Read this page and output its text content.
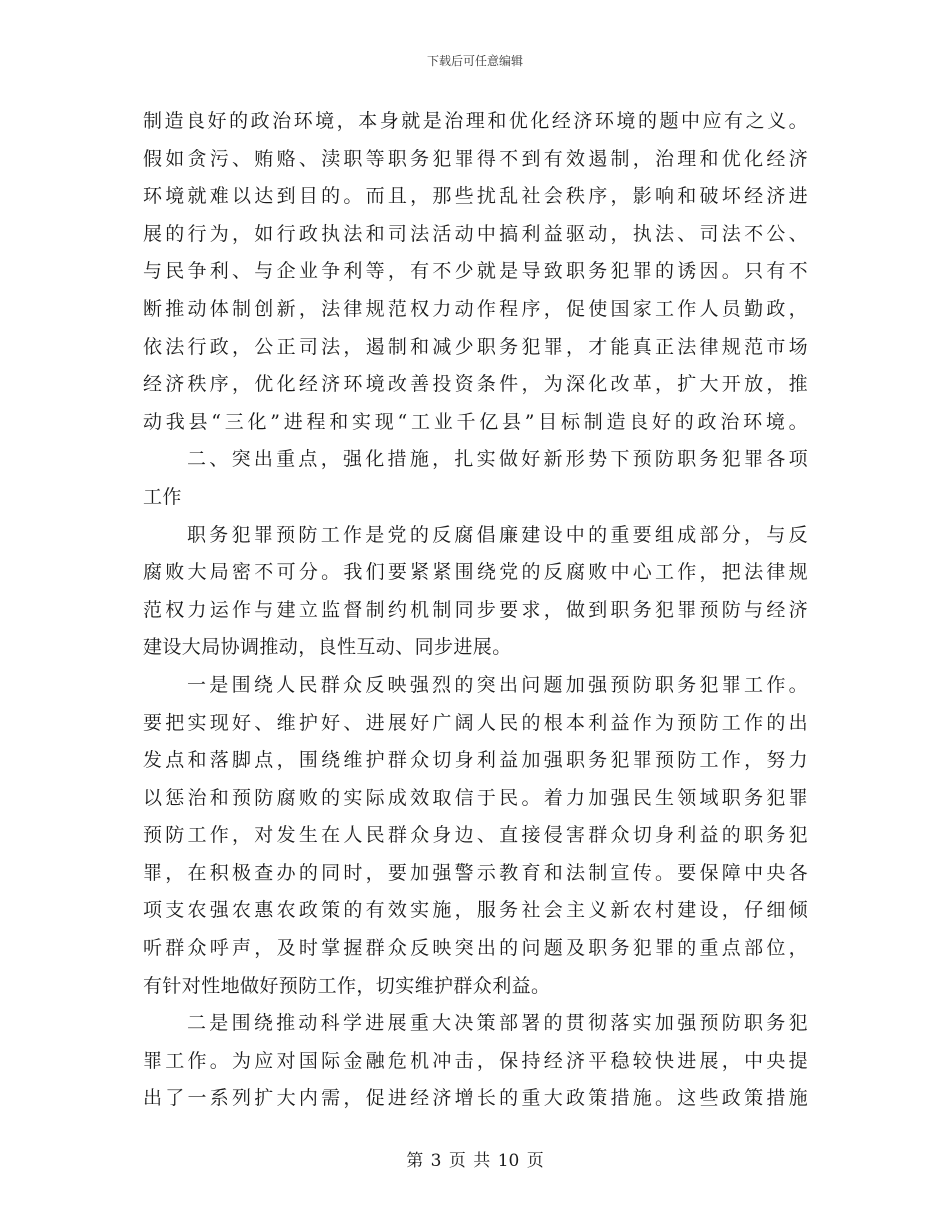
下载后可任意编辑
制造良好的政治环境，本身就是治理和优化经济环境的题中应有之义。
假如贪污、贿赂、渎职等职务犯罪得不到有效遏制，治理和优化经济
环境就难以达到目的。而且，那些扰乱社会秩序，影响和破坏经济进
展的行为，如行政执法和司法活动中搞利益驱动，执法、司法不公、
与民争利、与企业争利等，有不少就是导致职务犯罪的诱因。只有不
断推动体制创新，法律规范权力动作程序，促使国家工作人员勤政，
依法行政，公正司法，遏制和减少职务犯罪，才能真正法律规范市场
经济秩序，优化经济环境改善投资条件，为深化改革，扩大开放，推
动我县“三化”进程和实现“工业千亿县”目标制造良好的政治环境。
二、突出重点，强化措施，扎实做好新形势下预防职务犯罪各项
工作
职务犯罪预防工作是党的反腐倡廉建设中的重要组成部分，与反
腐败大局密不可分。我们要紧紧围绕党的反腐败中心工作，把法律规
范权力运作与建立监督制约机制同步要求，做到职务犯罪预防与经济
建设大局协调推动，良性互动、同步进展。
一是围绕人民群众反映强烈的突出问题加强预防职务犯罪工作。
要把实现好、维护好、进展好广阔人民的根本利益作为预防工作的出
发点和落脚点，围绕维护群众切身利益加强职务犯罪预防工作，努力
以惩治和预防腐败的实际成效取信于民。着力加强民生领域职务犯罪
预防工作，对发生在人民群众身边、直接侵害群众切身利益的职务犯
罪，在积极查办的同时，要加强警示教育和法制宣传。要保障中央各
项支农强农惠农政策的有效实施，服务社会主义新农村建设，仔细倾
听群众呼声，及时掌握群众反映突出的问题及职务犯罪的重点部位，
有针对性地做好预防工作，切实维护群众利益。
二是围绕推动科学进展重大决策部署的贯彻落实加强预防职务犯
罪工作。为应对国际金融危机冲击，保持经济平稳较快进展，中央提
出了一系列扩大内需，促进经济增长的重大政策措施。这些政策措施
第 3 页 共 10 页
